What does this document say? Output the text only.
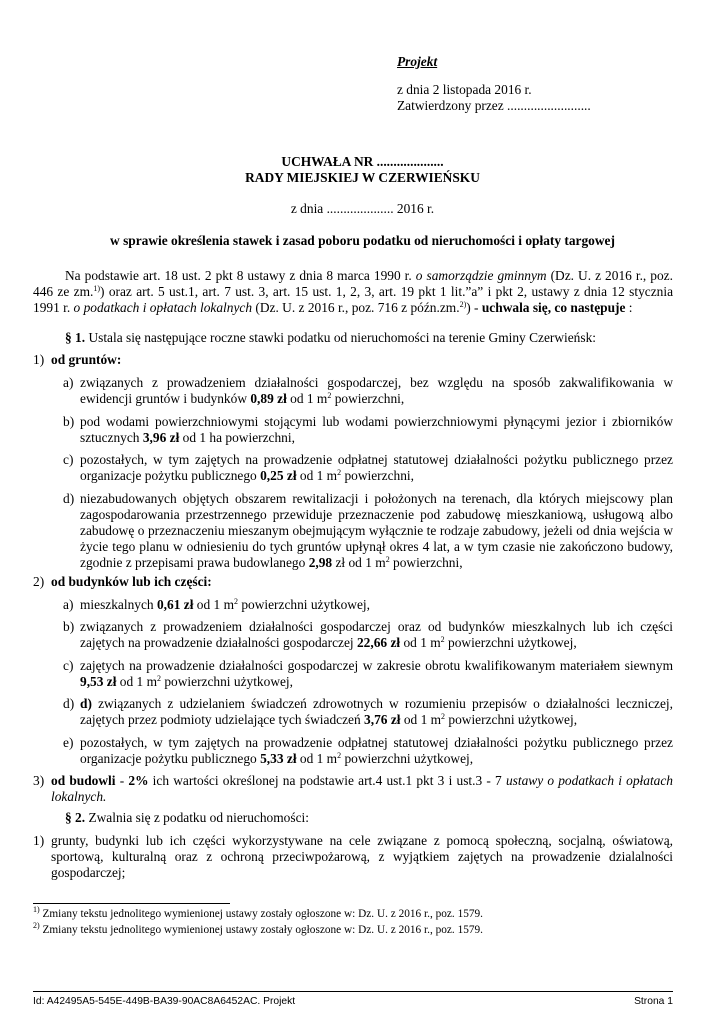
Projekt
z dnia 2 listopada 2016 r.
Zatwierdzony przez .........................
UCHWAŁA NR ....................
RADY MIEJSKIEJ W CZERWIEŃSKU
z dnia .................... 2016 r.
w sprawie określenia stawek i zasad poboru podatku od nieruchomości i opłaty targowej
Na podstawie art. 18 ust. 2 pkt 8 ustawy z dnia 8 marca 1990 r. o samorządzie gminnym (Dz. U. z 2016 r., poz. 446 ze zm.$^{1)}$) oraz art. 5 ust.1, art. 7 ust. 3, art. 15 ust. 1, 2, 3, art. 19 pkt 1 lit.”a” i pkt 2, ustawy z dnia 12 stycznia 1991 r. o podatkach i opłatach lokalnych (Dz. U. z 2016 r., poz. 716 z późn.zm.$^{2)}$) - uchwala się, co następuje :
§ 1. Ustala się następujące roczne stawki podatku od nieruchomości na terenie Gminy Czerwieńsk:
1) od gruntów:
a) związanych z prowadzeniem działalności gospodarczej, bez względu na sposób zakwalifikowania w ewidencji gruntów i budynków 0,89 zł od 1 $m^2$ powierzchni,
b) pod wodami powierzchniowymi stojącymi lub wodami powierzchniowymi płynącymi jezior i zbiorników sztucznych 3,96 zł od 1 ha powierzchni,
c) pozostałych, w tym zajętych na prowadzenie odpłatnej statutowej działalności pożytku publicznego przez organizacje pożytku publicznego 0,25 zł od 1 $m^2$ powierzchni,
d) niezabudowanych objętych obszarem rewitalizacji i położonych na terenach, dla których miejscowy plan zagospodarowania przestrzennego przewiduje przeznaczenie pod zabudowę mieszkaniową, usługową albo zabudowę o przeznaczeniu mieszanym obejmującym wyłącznie te rodzaje zabudowy, jeżeli od dnia wejścia w życie tego planu w odniesieniu do tych gruntów upłynął okres 4 lat, a w tym czasie nie zakończono budowy, zgodnie z przepisami prawa budowlanego 2,98 zł od 1 $m^2$ powierzchni,
2) od budynków lub ich części:
a) mieszkalnych 0,61 zł od 1 $m^2$ powierzchni użytkowej,
b) związanych z prowadzeniem działalności gospodarczej oraz od budynków mieszkalnych lub ich części zajętych na prowadzenie działalności gospodarczej 22,66 zł od 1 $m^2$ powierzchni użytkowej,
c) zajętych na prowadzenie działalności gospodarczej w zakresie obrotu kwalifikowanym materiałem siewnym 9,53 zł od 1 $m^2$ powierzchni użytkowej,
d) d) związanych z udzielaniem świadczeń zdrowotnych w rozumieniu przepisów o działalności leczniczej, zajętych przez podmioty udzielające tych świadczeń 3,76 zł od 1 $m^2$ powierzchni użytkowej,
e) pozostałych, w tym zajętych na prowadzenie odpłatnej statutowej działalności pożytku publicznego przez organizacje pożytku publicznego 5,33 zł od 1 $m^2$ powierzchni użytkowej,
3) od budowli - 2% ich wartości określonej na podstawie art.4 ust.1 pkt 3 i ust.3 - 7 ustawy o podatkach i opłatach lokalnych.
§ 2. Zwalnia się z podatku od nieruchomości:
1) grunty, budynki lub ich części wykorzystywane na cele związane z pomocą społeczną, socjalną, oświatową, sportową, kulturalną oraz z ochroną przeciwpożarową, z wyjątkiem zajętych na prowadzenie dzialalności gospodarczej;
$^{1)}$ Zmiany tekstu jednolitego wymienionej ustawy zostały ogłoszone w: Dz. U. z 2016 r., poz. 1579.
$^{2)}$ Zmiany tekstu jednolitego wymienionej ustawy zostały ogłoszone w: Dz. U. z 2016 r., poz. 1579.
Id: A42495A5-545E-449B-BA39-90AC8A6452AC. Projekt	Strona 1
